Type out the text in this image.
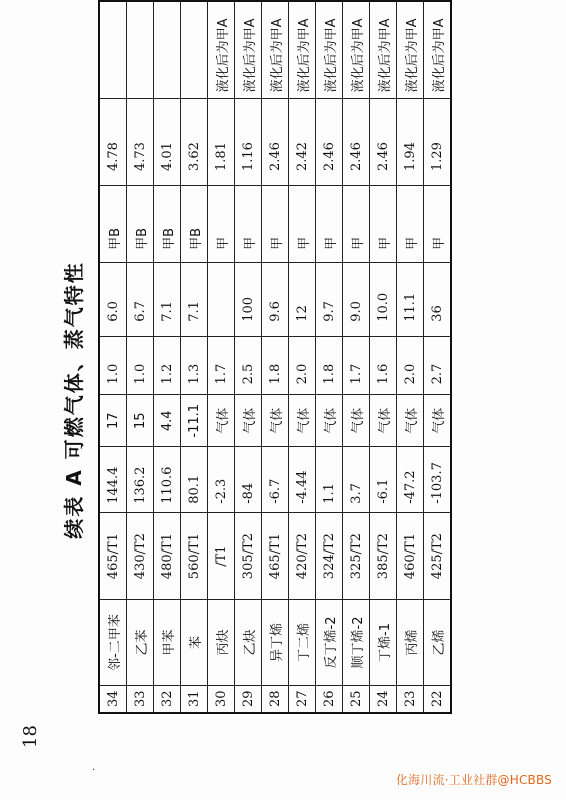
18
续表 A 可燃气体、蒸气特性
34	邻-二甲苯	465/T1	144.4	17	1.0	6.0	甲B	4.78	
33	乙苯	430/T2	136.2	15	1.0	6.7	甲B	4.73	
32	甲苯	480/T1	110.6	4.4	1.2	7.1	甲B	4.01	
31	苯	560/T1	80.1	-11.1	1.3	7.1	甲B	3.62	
30	丙炔	/T1	-2.3	气体	1.7		甲	1.81	液化后为甲A
29	乙炔	305/T2	-84	气体	2.5	100	甲	1.16	液化后为甲A
28	异丁烯	465/T1	-6.7	气体	1.8	9.6	甲	2.46	液化后为甲A
27	丁二烯	420/T2	-4.44	气体	2.0	12	甲	2.42	液化后为甲A
26	反丁烯-2	324/T2	1.1	气体	1.8	9.7	甲	2.46	液化后为甲A
25	顺丁烯-2	325/T2	3.7	气体	1.7	9.0	甲	2.46	液化后为甲A
24	丁烯-1	385/T2	-6.1	气体	1.6	10.0	甲	2.46	液化后为甲A
23	丙烯	460/T1	-47.2	气体	2.0	11.1	甲	1.94	液化后为甲A
22	乙烯	425/T2	-103.7	气体	2.7	36	甲	1.29	液化后为甲A
·
化海川流·工业社群@HCBBS
